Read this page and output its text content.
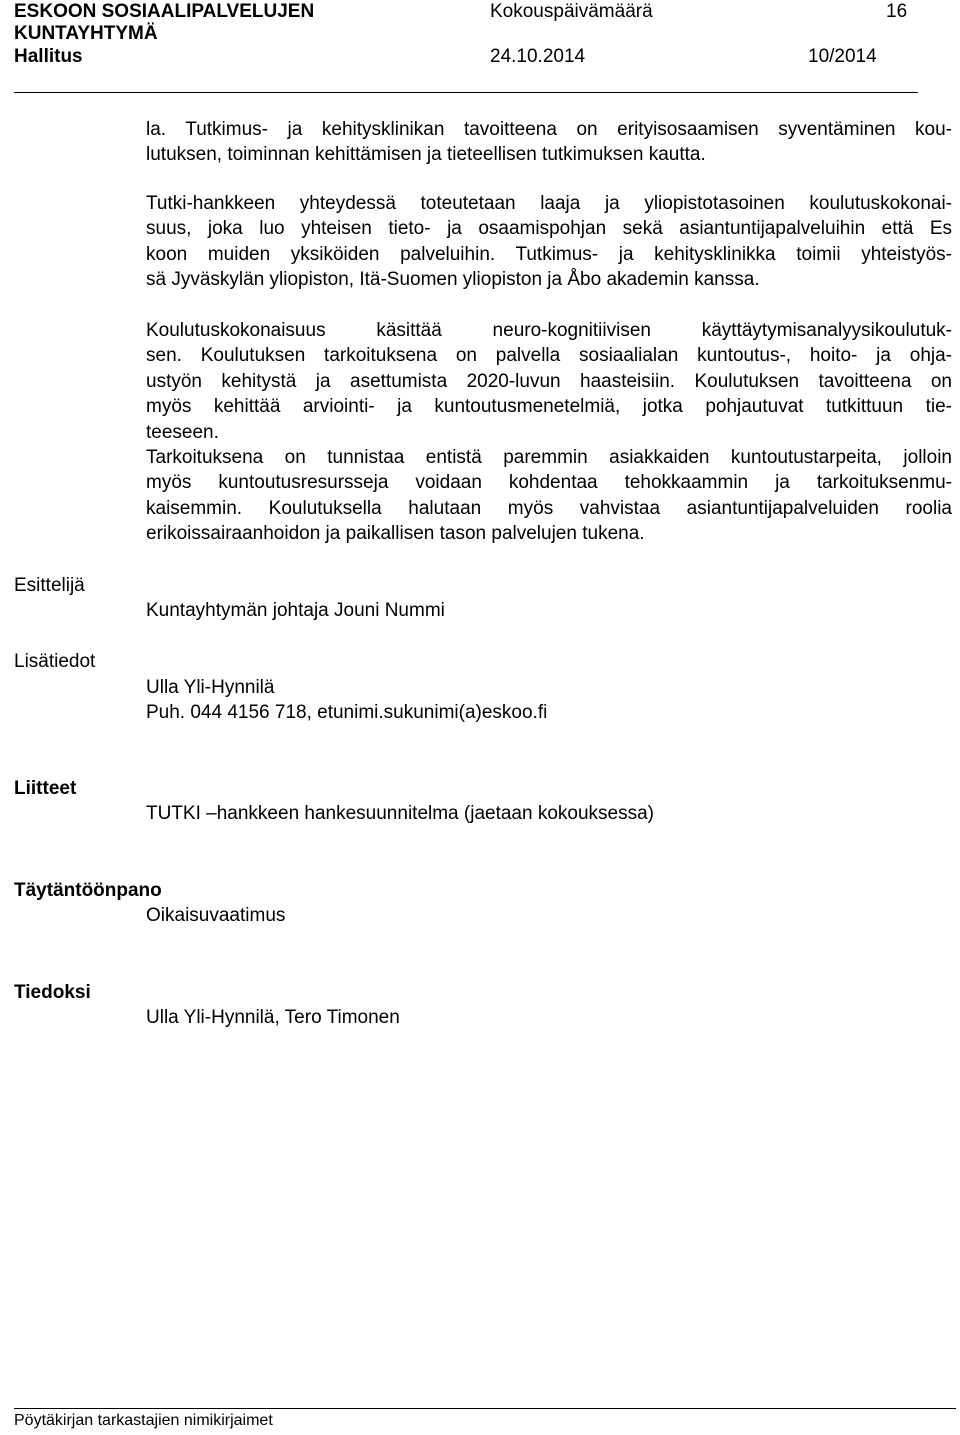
ESKOON SOSIAALIPALVELUJEN
KUNTAYHTYMÄ
Kokouspäivämäärä	16
Hallitus	24.10.2014	10/2014
la. Tutkimus- ja kehitysklinikan tavoitteena on erityisosaamisen syventäminen kou-
lutuksen, toiminnan kehittämisen ja tieteellisen tutkimuksen kautta.
Tutki-hankkeen yhteydessä toteutetaan laaja ja yliopistotasoinen koulutuskokonai-
suus, joka luo yhteisen tieto- ja osaamispohjan sekä asiantuntijapalveluihin että Es
koon muiden yksiköiden palveluihin. Tutkimus- ja kehitysklinikka toimii yhteistyös-
sä Jyväskylän yliopiston, Itä-Suomen yliopiston ja Åbo akademin kanssa.
Koulutuskokonaisuus käsittää neuro-kognitiivisen käyttäytymisanalyysikoulutuk-
sen. Koulutuksen tarkoituksena on palvella sosiaalialan kuntoutus-, hoito- ja ohja-
ustyön kehitystä ja asettumista 2020-luvun haasteisiin. Koulutuksen tavoitteena on
myös kehittää arviointi- ja kuntoutusmenetelmiä, jotka pohjautuvat tutkittuun tie-
teeseen.
Tarkoituksena on tunnistaa entistä paremmin asiakkaiden kuntoutustarpeita, jolloin
myös kuntoutusresursseja voidaan kohdentaa tehokkaammin ja tarkoituksenmu-
kaisemmin. Koulutuksella halutaan myös vahvistaa asiantuntijapalveluiden roolia
erikoissairaanhoidon ja paikallisen tason palvelujen tukena.
Esittelijä
Kuntayhtymän johtaja Jouni Nummi
Lisätiedot
Ulla Yli-Hynnilä
Puh. 044 4156 718, etunimi.sukunimi(a)eskoo.fi
Liitteet
TUTKI –hankkeen hankesuunnitelma (jaetaan kokouksessa)
Täytäntöönpano
Oikaisuvaatimus
Tiedoksi
Ulla Yli-Hynnilä, Tero Timonen
Pöytäkirjan tarkastajien nimikirjaimet
